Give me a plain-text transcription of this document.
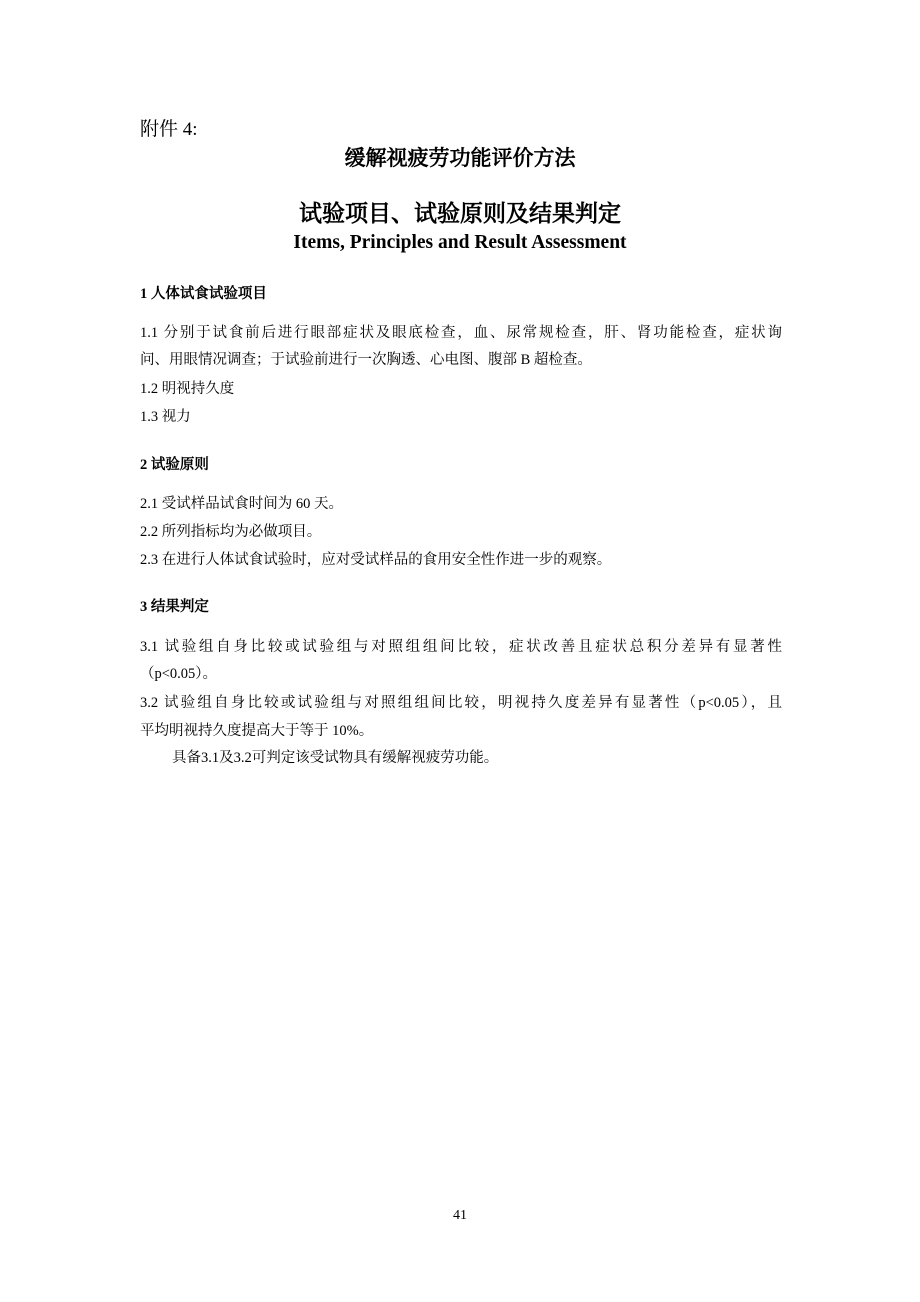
附件 4:
缓解视疲劳功能评价方法
试验项目、试验原则及结果判定
Items, Principles and Result Assessment
1 人体试食试验项目
1.1 分别于试食前后进行眼部症状及眼底检查，血、尿常规检查，肝、肾功能检查，症状询
问、用眼情况调查；于试验前进行一次胸透、心电图、腹部 B 超检查。
1.2 明视持久度
1.3 视力
2 试验原则
2.1 受试样品试食时间为 60 天。
2.2 所列指标均为必做项目。
2.3 在进行人体试食试验时，应对受试样品的食用安全性作进一步的观察。
3 结果判定
3.1 试验组自身比较或试验组与对照组组间比较，症状改善且症状总积分差异有显著性
（p<0.05）。
3.2 试验组自身比较或试验组与对照组组间比较，明视持久度差异有显著性（p<0.05），且
平均明视持久度提高大于等于 10%。
具备3.1及3.2可判定该受试物具有缓解视疲劳功能。
41
